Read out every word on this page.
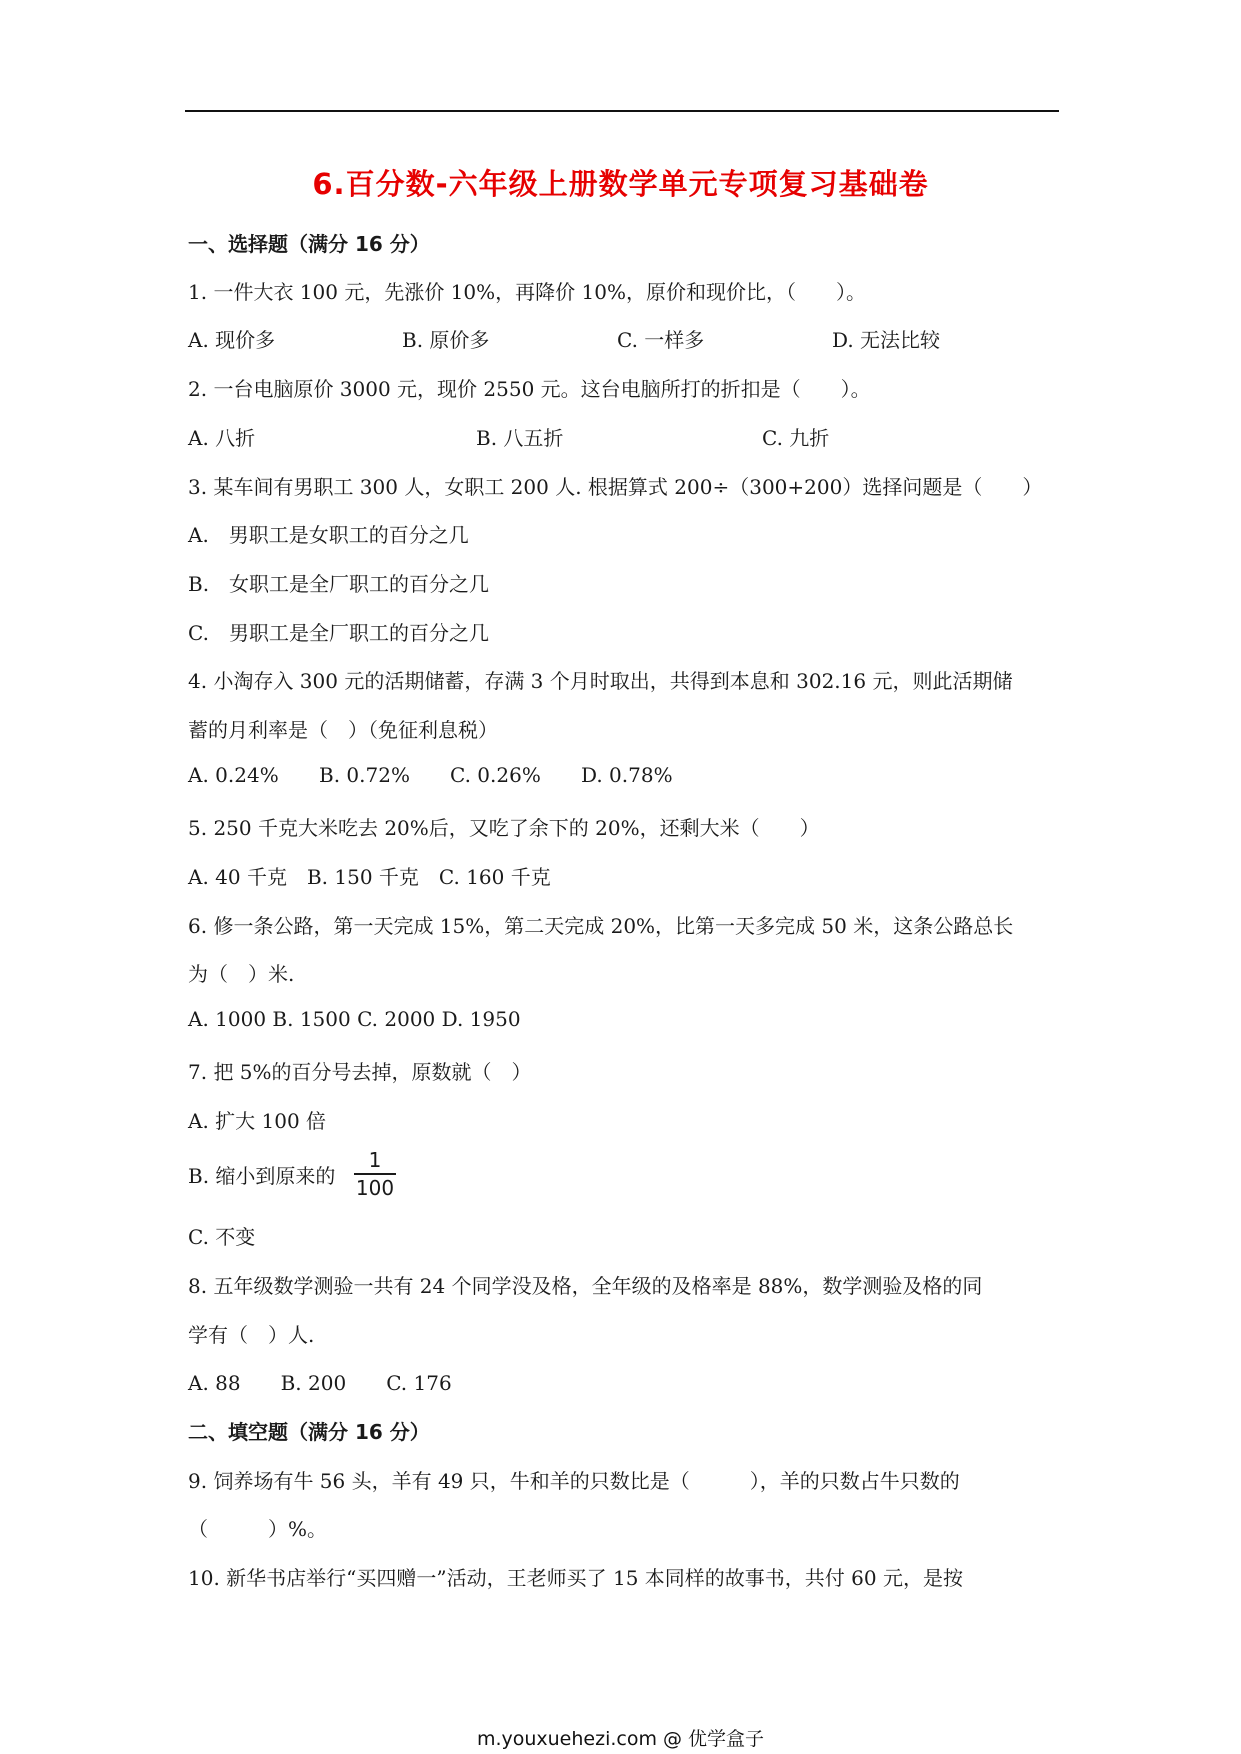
6.百分数-六年级上册数学单元专项复习基础卷
一、选择题（满分 16 分）
1. 一件大衣 100 元，先涨价 10%，再降价 10%，原价和现价比，（　　）。
A. 现价多	B. 原价多	C. 一样多	D. 无法比较
2. 一台电脑原价 3000 元，现价 2550 元。这台电脑所打的折扣是（　　）。
A. 八折	B. 八五折	C. 九折
3. 某车间有男职工 300 人，女职工 200 人. 根据算式 200÷（300+200）选择问题是（　　）
A.　男职工是女职工的百分之几
B.　女职工是全厂职工的百分之几
C.　男职工是全厂职工的百分之几
4. 小淘存入 300 元的活期储蓄，存满 3 个月时取出，共得到本息和 302.16 元，则此活期储
蓄的月利率是（　）（免征利息税）
A. 0.24% B. 0.72% C. 0.26% D. 0.78%
5. 250 千克大米吃去 20%后，又吃了余下的 20%，还剩大米（　　）
A. 40 千克　B. 150 千克　C. 160 千克
6. 修一条公路，第一天完成 15%，第二天完成 20%，比第一天多完成 50 米，这条公路总长
为（　）米.
A. 1000 B. 1500 C. 2000 D. 1950
7. 把 5%的百分号去掉，原数就（　）
A. 扩大 100 倍
B. 缩小到原来的
1
100
C. 不变
8. 五年级数学测验一共有 24 个同学没及格，全年级的及格率是 88%，数学测验及格的同
学有（　）人.
A. 88　　B. 200　　C. 176
二、填空题（满分 16 分）
9. 饲养场有牛 56 头，羊有 49 只，牛和羊的只数比是（　　　），羊的只数占牛只数的
（　　　）%。
10. 新华书店举行“买四赠一”活动，王老师买了 15 本同样的故事书，共付 60 元，是按
m.youxuehezi.com @ 优学盒子
